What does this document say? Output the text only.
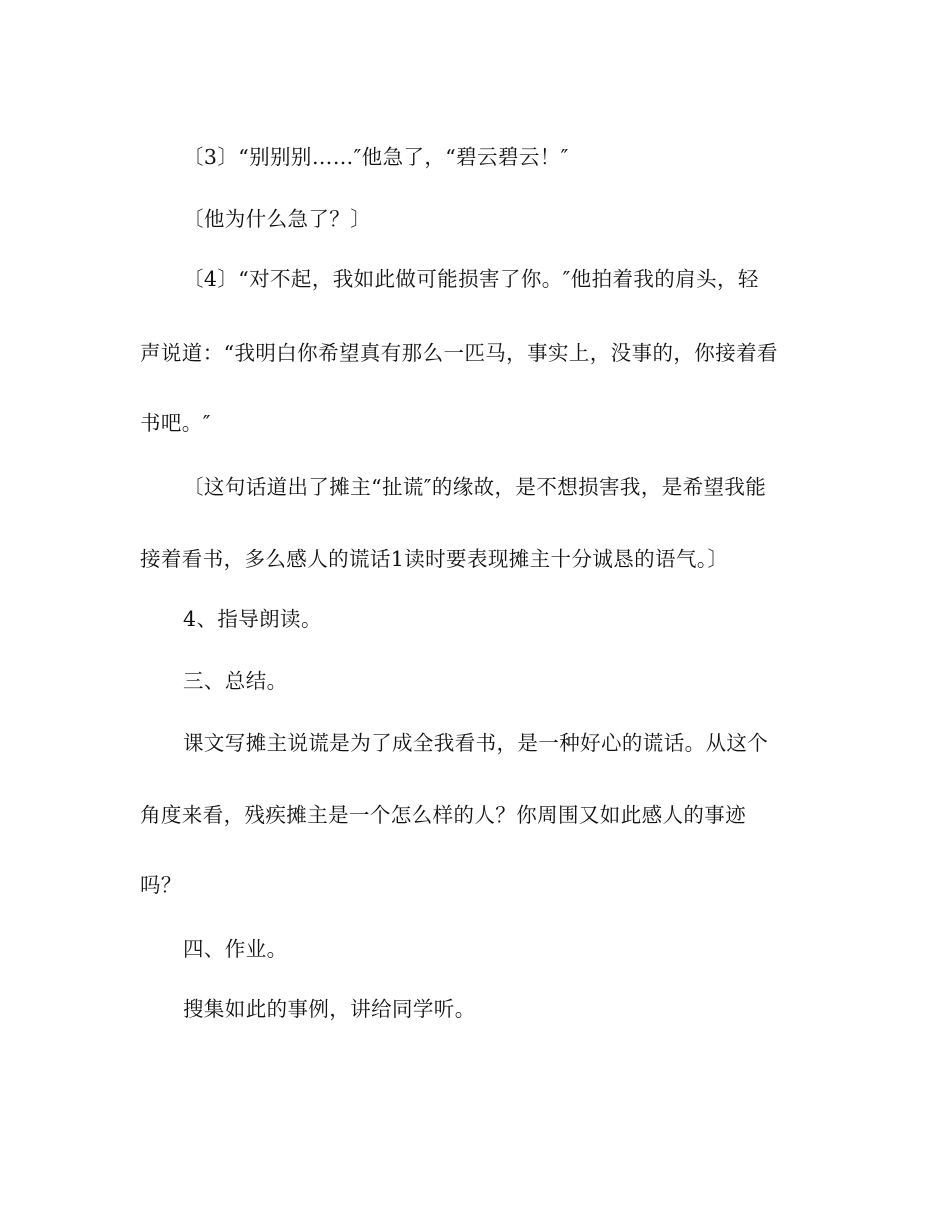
〔3〕“别别别……″他急了，“碧云碧云！″
〔他为什么急了？〕
〔4〕“对不起，我如此做可能损害了你。″他拍着我的肩头，轻
声说道：“我明白你希望真有那么一匹马，事实上，没事的，你接着看
书吧。″
〔这句话道出了摊主“扯谎″的缘故，是不想损害我，是希望我能
接着看书，多么感人的谎话1读时要表现摊主十分诚恳的语气。〕
4、指导朗读。
三、总结。
课文写摊主说谎是为了成全我看书，是一种好心的谎话。从这个
角度来看，残疾摊主是一个怎么样的人？你周围又如此感人的事迹
吗？
四、作业。
搜集如此的事例，讲给同学听。
